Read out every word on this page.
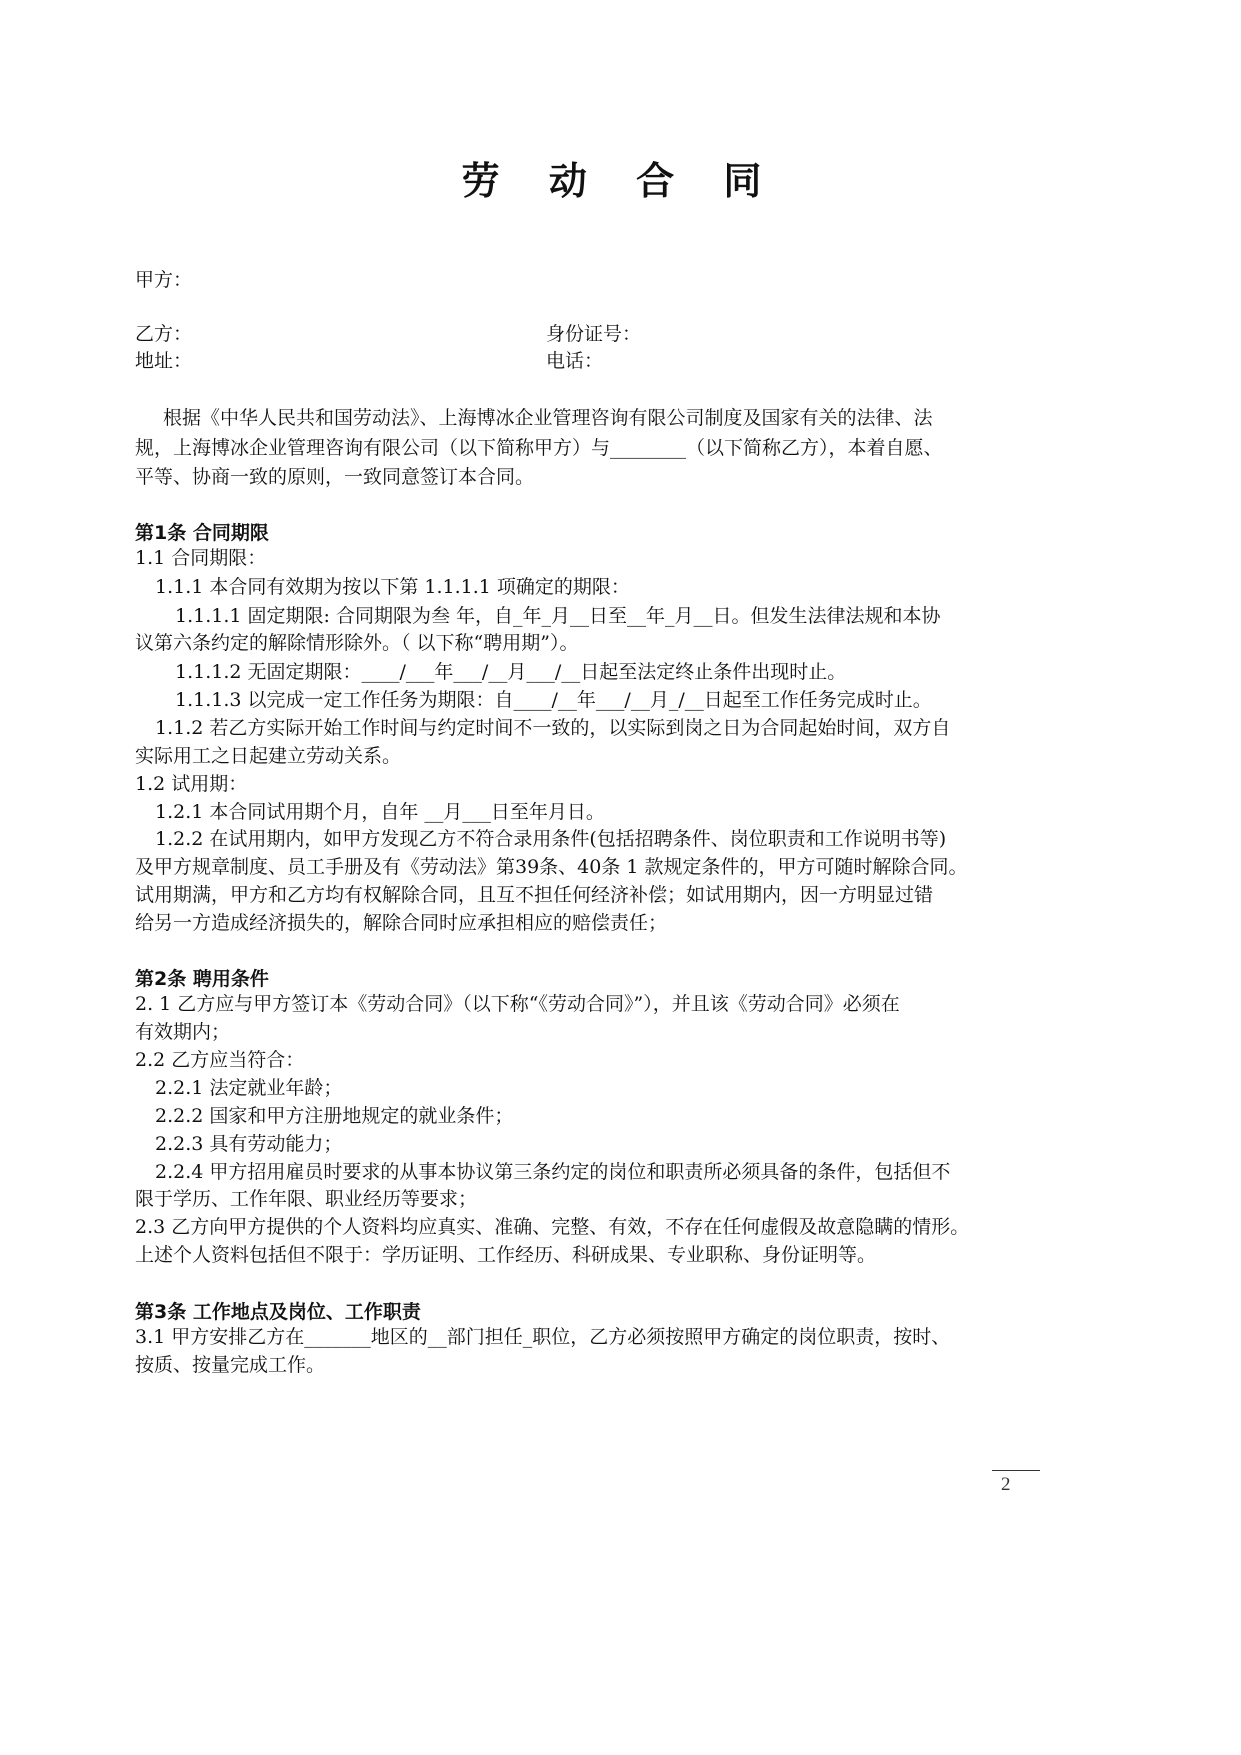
劳 动 合 同
甲方：
乙方：	身份证号：
地址：	电话：
根据《中华人民共和国劳动法》、上海博冰企业管理咨询有限公司制度及国家有关的法律、法
规，上海博冰企业管理咨询有限公司（以下简称甲方）与________（以下简称乙方），本着自愿、
平等、协商一致的原则，一致同意签订本合同。
第1条 合同期限
1.1 合同期限：
1.1.1 本合同有效期为按以下第 1.1.1.1 项确定的期限：
1.1.1.1 固定期限: 合同期限为叁 年，自_年_月__日至__年_月__日。但发生法律法规和本协
议第六条约定的解除情形除外。（ 以下称“聘用期”）。
1.1.1.2 无固定期限：____/___年___/__月___/__日起至法定终止条件出现时止。
1.1.1.3 以完成一定工作任务为期限：自____/__年___/__月_/__日起至工作任务完成时止。
1.1.2 若乙方实际开始工作时间与约定时间不一致的，以实际到岗之日为合同起始时间，双方自
实际用工之日起建立劳动关系。
1.2 试用期：
1.2.1 本合同试用期个月，自年 __月___日至年月日。
1.2.2 在试用期内，如甲方发现乙方不符合录用条件(包括招聘条件、岗位职责和工作说明书等)
及甲方规章制度、员工手册及有《劳动法》第39条、40条 1 款规定条件的，甲方可随时解除合同。
试用期满，甲方和乙方均有权解除合同，且互不担任何经济补偿；如试用期内，因一方明显过错
给另一方造成经济损失的，解除合同时应承担相应的赔偿责任；
第2条 聘用条件
2. 1 乙方应与甲方签订本《劳动合同》（以下称“《劳动合同》”），并且该《劳动合同》必须在
有效期内；
2.2 乙方应当符合：
2.2.1 法定就业年龄；
2.2.2 国家和甲方注册地规定的就业条件；
2.2.3 具有劳动能力；
2.2.4 甲方招用雇员时要求的从事本协议第三条约定的岗位和职责所必须具备的条件，包括但不
限于学历、工作年限、职业经历等要求；
2.3 乙方向甲方提供的个人资料均应真实、准确、完整、有效，不存在任何虚假及故意隐瞒的情形。
上述个人资料包括但不限于：学历证明、工作经历、科研成果、专业职称、身份证明等。
第3条 工作地点及岗位、工作职责
3.1 甲方安排乙方在_______地区的__部门担任_职位，乙方必须按照甲方确定的岗位职责，按时、
按质、按量完成工作。
2
